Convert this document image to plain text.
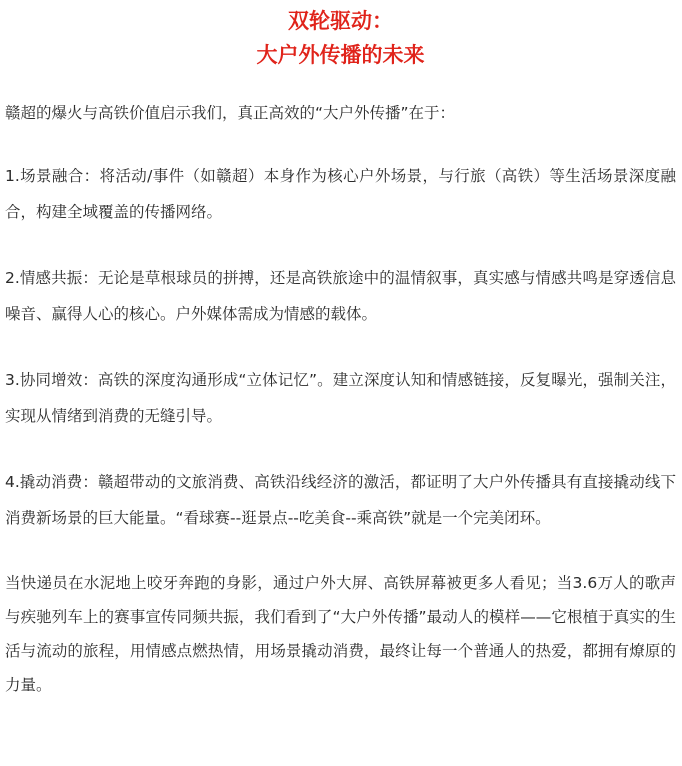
双轮驱动：
大户外传播的未来

赣超的爆火与高铁价值启示我们，真正高效的“大户外传播”在于：

1.场景融合：将活动/事件（如赣超）本身作为核心户外场景，与行旅（高铁）等生活场景深度融合，构建全域覆盖的传播网络。

2.情感共振：无论是草根球员的拼搏，还是高铁旅途中的温情叙事，真实感与情感共鸣是穿透信息噪音、赢得人心的核心。户外媒体需成为情感的载体。

3.协同增效：高铁的深度沟通形成“立体记忆”。建立深度认知和情感链接，反复曝光，强制关注，实现从情绪到消费的无缝引导。

4.撬动消费：赣超带动的文旅消费、高铁沿线经济的激活，都证明了大户外传播具有直接撬动线下消费新场景的巨大能量。“看球赛--逛景点--吃美食--乘高铁”就是一个完美闭环。

当快递员在水泥地上咬牙奔跑的身影，通过户外大屏、高铁屏幕被更多人看见；当3.6万人的歌声与疾驰列车上的赛事宣传同频共振，我们看到了“大户外传播”最动人的模样——它根植于真实的生活与流动的旅程，用情感点燃热情，用场景撬动消费，最终让每一个普通人的热爱，都拥有燎原的力量。
